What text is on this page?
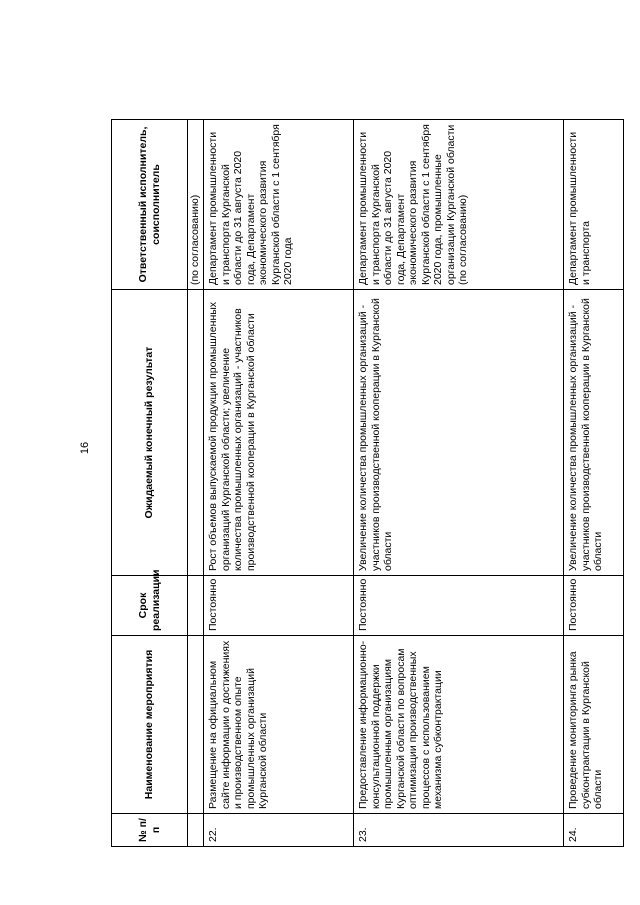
16
№ п/п	Наименование мероприятия	Срок реализации	Ожидаемый конечный результат	Ответственный исполнитель, соисполнитель
				(по согласованию)
22.	Размещение на официальном сайте информации о достижениях и производственном опыте промышленных организаций Курганской области	Постоянно	Рост объемов выпускаемой продукции промышленных организаций Курганской области; увеличение количества промышленных организаций - участников производственной кооперации в Курганской области	Департамент промышленности и транспорта Курганской области до 31 августа 2020 года, Департамент экономического развития Курганской области с 1 сентября 2020 года
23.	Предоставление информационно-консультационной поддержки промышленным организациям Курганской области по вопросам оптимизации производственных процессов с использованием механизма субконтрактации	Постоянно	Увеличение количества промышленных организаций - участников производственной кооперации в Курганской области	Департамент промышленности и транспорта Курганской области до 31 августа 2020 года, Департамент экономического развития Курганской области с 1 сентября 2020 года, промышленные организации Курганской области (по согласованию)
24.	Проведение мониторинга рынка субконтрактации в Курганской области	Постоянно	Увеличение количества промышленных организаций - участников производственной кооперации в Курганской области	Департамент промышленности и транспорта
